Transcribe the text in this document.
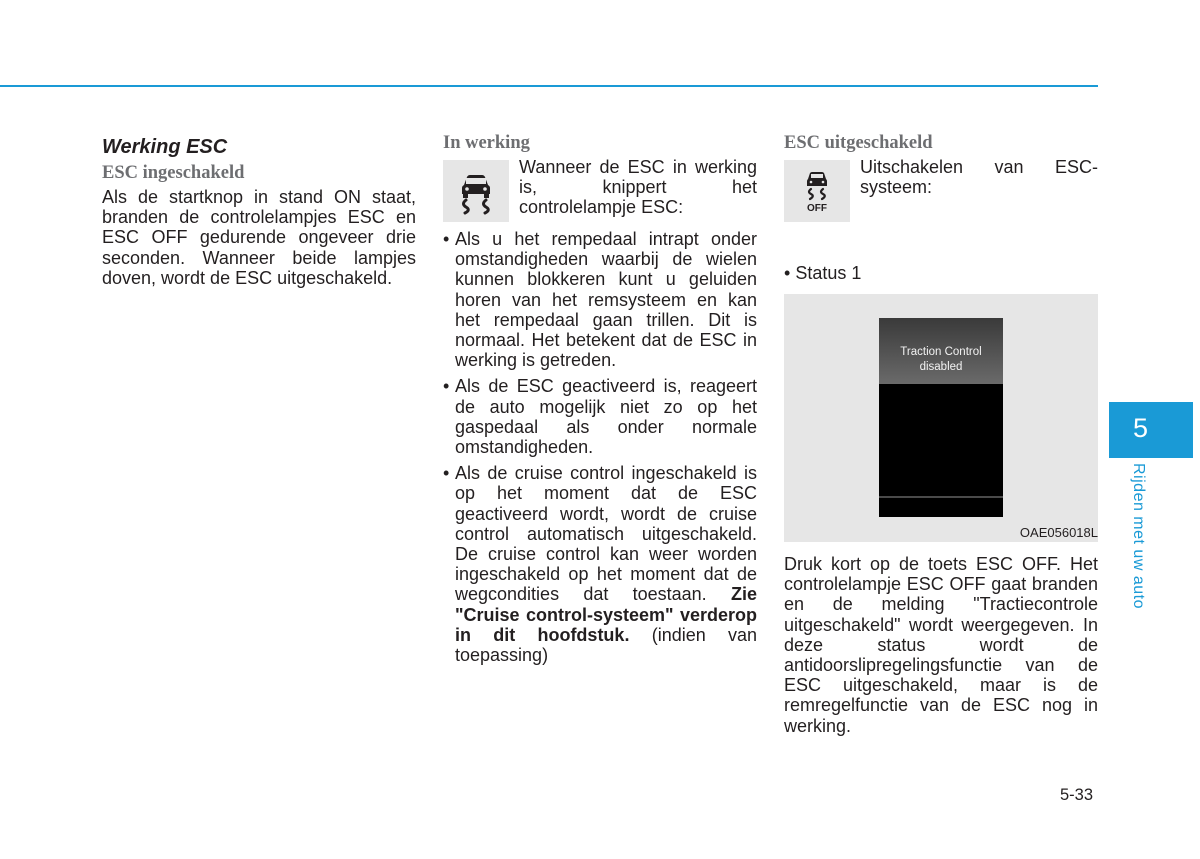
Werking ESC
ESC ingeschakeld

Als de startknop in stand ON staat, branden de controlelampjes ESC en ESC OFF gedurende ongeveer drie seconden. Wanneer beide lampjes doven, wordt de ESC uitgeschakeld.

In werking

Wanneer de ESC in werking is, knippert het controlelampje ESC:

• Als u het rempedaal intrapt onder omstandigheden waarbij de wielen kunnen blokkeren kunt u geluiden horen van het remsysteem en kan het rempedaal gaan trillen. Dit is normaal. Het betekent dat de ESC in werking is getreden.
• Als de ESC geactiveerd is, reageert de auto mogelijk niet zo op het gaspedaal als onder normale omstandigheden.
• Als de cruise control ingeschakeld is op het moment dat de ESC geactiveerd wordt, wordt de cruise control automatisch uitgeschakeld. De cruise control kan weer worden ingeschakeld op het moment dat de wegcondities dat toestaan. Zie "Cruise control-systeem" verderop in dit hoofdstuk. (indien van toepassing)
ESC uitgeschakeld
OFF

Uitschakelen van ESC-systeem:

• Status 1
Traction Control
disabled
OAE056018L

Druk kort op de toets ESC OFF. Het controlelampje ESC OFF gaat branden en de melding "Tractiecontrole uitgeschakeld" wordt weergegeven. In deze status wordt de antidoorslipregelingsfunctie van de ESC uitgeschakeld, maar is de remregelfunctie van de ESC nog in werking.

5
Rijden met uw auto
5-33
